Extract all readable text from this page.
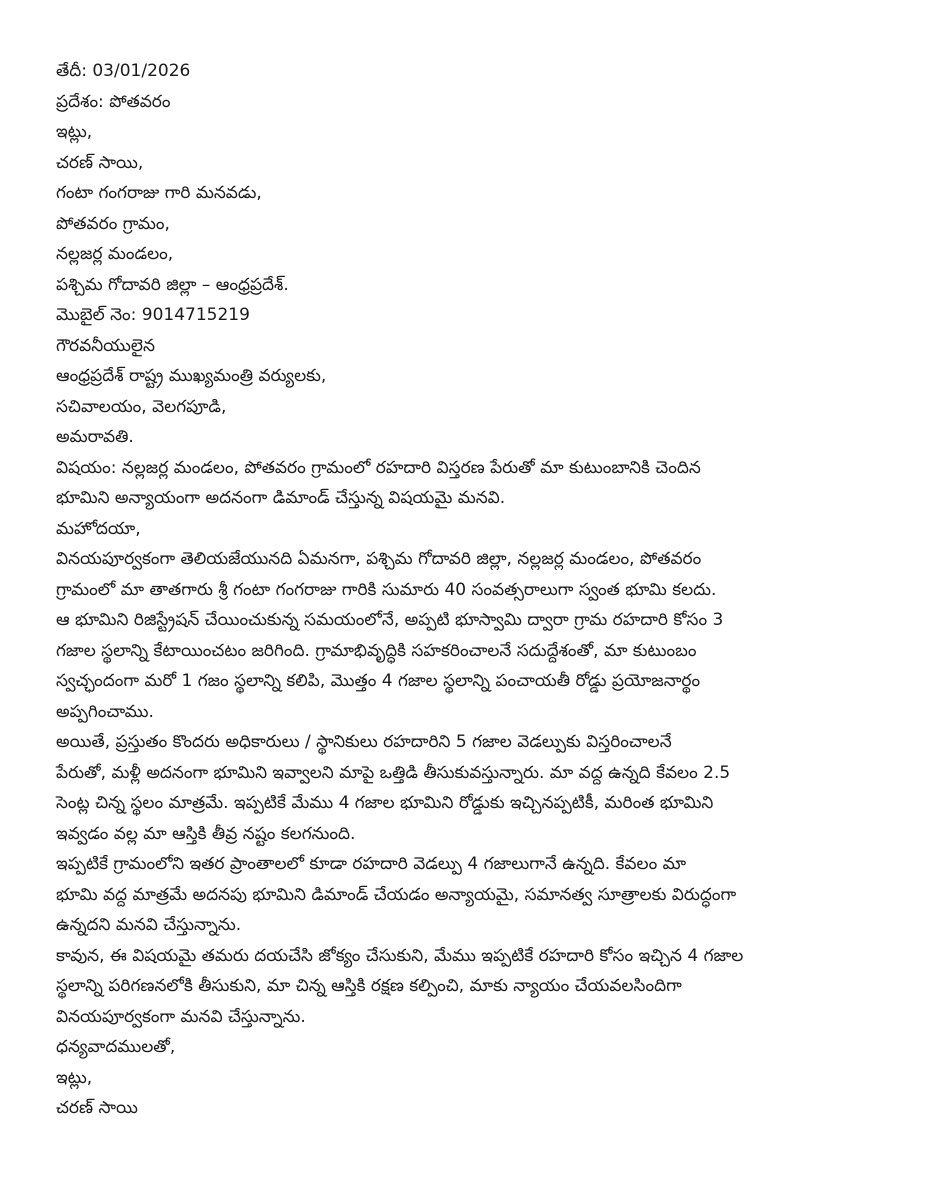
తేదీ: 03/01/2026

ప్రదేశం: పోతవరం

ఇట్లు,

చరణ్ సాయి,

గంటా గంగరాజు గారి మనవడు,

పోతవరం గ్రామం,

నల్లజర్ల మండలం,

పశ్చిమ గోదావరి జిల్లా – ఆంధ్రప్రదేశ్.

మొబైల్ నెం: 9014715219

గౌరవనీయులైన

ఆంధ్రప్రదేశ్ రాష్ట్ర ముఖ్యమంత్రి వర్యులకు,

సచివాలయం, వెలగపూడి,

అమరావతి.

విషయం: నల్లజర్ల మండలం, పోతవరం గ్రామంలో రహదారి విస్తరణ పేరుతో మా కుటుంబానికి చెందిన

భూమిని అన్యాయంగా అదనంగా డిమాండ్ చేస్తున్న విషయమై మనవి.

మహోదయా,

వినయపూర్వకంగా తెలియజేయునది ఏమనగా, పశ్చిమ గోదావరి జిల్లా, నల్లజర్ల మండలం, పోతవరం

గ్రామంలో మా తాతగారు శ్రీ గంటా గంగరాజు గారికి సుమారు 40 సంవత్సరాలుగా స్వంత భూమి కలదు.

ఆ భూమిని రిజిస్ట్రేషన్ చేయించుకున్న సమయంలోనే, అప్పటి భూస్వామి ద్వారా గ్రామ రహదారి కోసం 3

గజాల స్థలాన్ని కేటాయించటం జరిగింది. గ్రామాభివృద్ధికి సహకరించాలనే సదుద్దేశంతో, మా కుటుంబం

స్వచ్ఛందంగా మరో 1 గజం స్థలాన్ని కలిపి, మొత్తం 4 గజాల స్థలాన్ని పంచాయతీ రోడ్డు ప్రయోజనార్థం

అప్పగించాము.

అయితే, ప్రస్తుతం కొందరు అధికారులు / స్థానికులు రహదారిని 5 గజాల వెడల్పుకు విస్తరించాలనే

పేరుతో, మళ్లీ అదనంగా భూమిని ఇవ్వాలని మాపై ఒత్తిడి తీసుకువస్తున్నారు. మా వద్ద ఉన్నది కేవలం 2.5

సెంట్ల చిన్న స్థలం మాత్రమే. ఇప్పటికే మేము 4 గజాల భూమిని రోడ్డుకు ఇచ్చినప్పటికీ, మరింత భూమిని

ఇవ్వడం వల్ల మా ఆస్తికి తీవ్ర నష్టం కలగనుంది.

ఇప్పటికే గ్రామంలోని ఇతర ప్రాంతాలలో కూడా రహదారి వెడల్పు 4 గజాలుగానే ఉన్నది. కేవలం మా

భూమి వద్ద మాత్రమే అదనపు భూమిని డిమాండ్ చేయడం అన్యాయమై, సమానత్వ సూత్రాలకు విరుద్ధంగా

ఉన్నదని మనవి చేస్తున్నాను.

కావున, ఈ విషయమై తమరు దయచేసి జోక్యం చేసుకుని, మేము ఇప్పటికే రహదారి కోసం ఇచ్చిన 4 గజాల

స్థలాన్ని పరిగణనలోకి తీసుకుని, మా చిన్న ఆస్తికి రక్షణ కల్పించి, మాకు న్యాయం చేయవలసిందిగా

వినయపూర్వకంగా మనవి చేస్తున్నాను.

ధన్యవాదములతో,

ఇట్లు,

చరణ్ సాయి
